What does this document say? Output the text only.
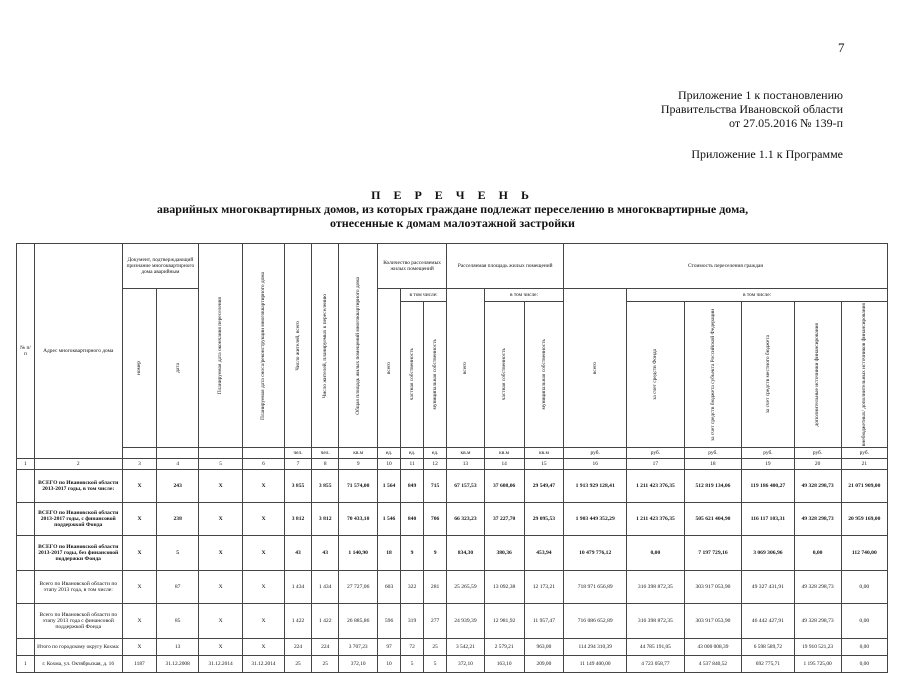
7
Приложение 1 к постановлению
Правительства Ивановской области
от 27.05.2016 № 139-п
Приложение 1.1 к Программе
П Е Р Е Ч Е Н Ь
аварийных многоквартирных домов, из которых граждане подлежат переселению в многоквартирные дома,
отнесенные к домам малоэтажной застройки
№ п/п	Адрес многоквартирного дома	Документ, подтверждающий признание многоквартирного дома аварийным		Планируемая дата окончания переселения	Планируемая дата сноса/реконструкции многоквартирного дома	Число жителей, всего	Число жителей, планируемых к переселению	Общая площадь жилых помещений многоквартирного дома	Количество расселяемых жилых помещений			Расселяемая площадь жилых помещений			Стоимость переселения граждан					

		номер	дата						всего	в том числе:		всего	в том числе:		всего	в том числе:				

										частная собственность	муниципальная собственность		частная собственность	муниципальная собственность		за счет средств Фонда	за счет средств бюджета субъекта Российской Федерации	за счет средств местного бюджета	дополнительные источники финансирования	внебюджетных/ дополнительных источников финансирования

						чел.	чел.	кв.м	ед.	ед.	ед.	кв.м	кв.м	кв.м	руб.	руб.	руб.	руб.	руб.	руб.
1	2	3	4	5	6	7	8	9	10	11	12	13	14	15	16	17	18	19	20	21
	ВСЕГО по Ивановской области 2013-2017 годы, в том числе:	X	243	X	X	3 855	3 855	71 574,00	1 564	849	715	67 157,53	37 608,06	29 549,47	1 913 929 128,41	1 211 423 376,35	512 819 134,06	119 186 400,27	49 328 298,73	21 071 909,00
	ВСЕГО по Ивановской области 2013-2017 годы, с финансовой поддержкой Фонда	X	238	X	X	3 812	3 812	70 433,10	1 546	840	706	66 323,23	37 227,70	29 095,53	1 903 449 352,29	1 211 423 376,35	505 621 404,90	116 117 103,31	49 328 298,73	20 959 169,00
	ВСЕГО по Ивановской области 2013-2017 годы, без финансовой поддержки Фонда	X	5	X	X	43	43	1 140,90	18	9	9	834,30	380,36	453,94	10 479 776,12	0,00	7 197 729,16	3 069 306,96	0,00	112 740,00
	Всего по Ивановской области по этапу 2013 года, в том числе:	X	87	X	X	1 434	1 434	27 727,06	603	322	281	25 265,59	13 092,38	12 173,21	718 971 656,89	316 398 872,35	303 917 053,90	49 327 431,91	49 328 298,73	0,00
	Всего по Ивановской области по этапу 2013 года с финансовой поддержкой Фонда	X	85	X	X	1 422	1 422	26 885,86	596	319	277	24 939,39	12 981,92	11 957,47	716 086 652,89	316 398 872,35	303 917 053,90	46 442 427,91	49 328 298,73	0,00
	Итого по городскому округу Кохма:	X	13	X	X	224	224	3 707,23	97	72	25	3 542,21	2 579,21	963,00	114 294 310,39	44 785 191,05	43 000 008,39	6 598 589,72	19 910 521,23	0,00
1	г. Кохма, ул. Октябрьская, д. 16	1187	31.12.2008	31.12.2014	31.12.2014	25	25	372,10	10	5	5	372,10	163,10	209,00	11 149 400,00	4 723 058,77	4 537 840,52	692 775,71	1 195 725,00	0,00
